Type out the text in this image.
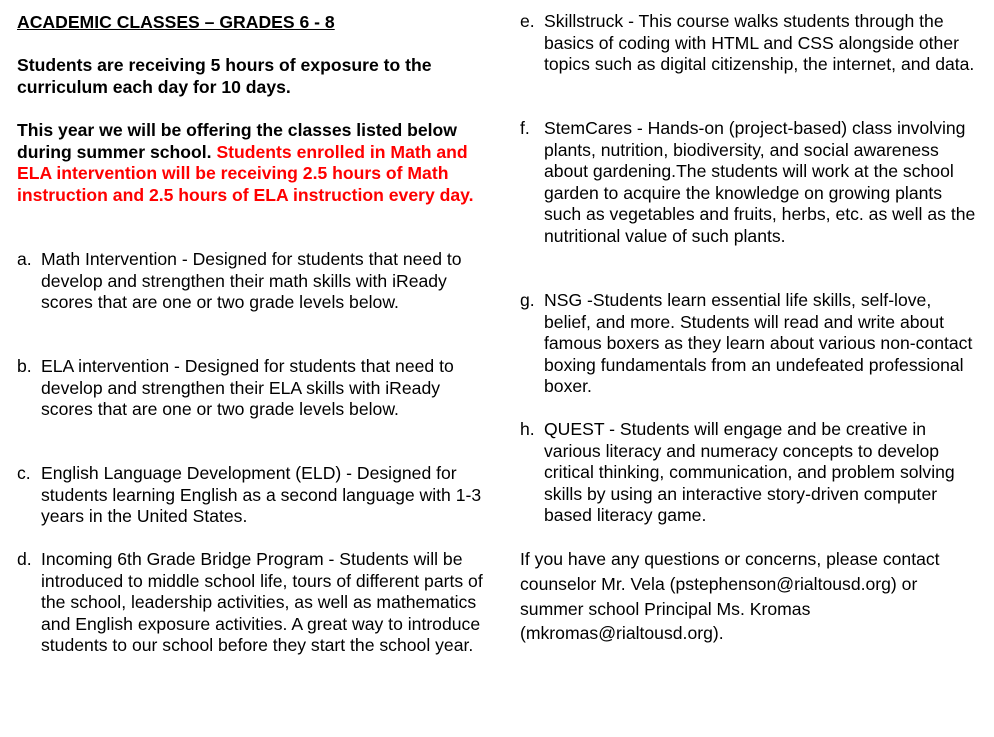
ACADEMIC CLASSES – GRADES 6 - 8

Students are receiving 5 hours of exposure to the curriculum each day for 10 days.

This year we will be offering the classes listed below during summer school. Students enrolled in Math and ELA intervention will be receiving 2.5 hours of Math instruction and 2.5 hours of ELA instruction every day.

a. Math Intervention - Designed for students that need to develop and strengthen their math skills with iReady scores that are one or two grade levels below.
b. ELA intervention - Designed for students that need to develop and strengthen their ELA skills with iReady scores that are one or two grade levels below.
c. English Language Development (ELD) - Designed for students learning English as a second language with 1-3 years in the United States.
d. Incoming 6th Grade Bridge Program - Students will be introduced to middle school life, tours of different parts of the school, leadership activities, as well as mathematics and English exposure activities. A great way to introduce students to our school before they start the school year.
e. Skillstruck - This course walks students through the basics of coding with HTML and CSS alongside other topics such as digital citizenship, the internet, and data.
f. StemCares - Hands-on (project-based) class involving plants, nutrition, biodiversity, and social awareness about gardening.The students will work at the school garden to acquire the knowledge on growing plants such as vegetables and fruits, herbs, etc. as well as the nutritional value of such plants.
g. NSG -Students learn essential life skills, self-love, belief, and more. Students will read and write about famous boxers as they learn about various non-contact boxing fundamentals from an undefeated professional boxer.
h. QUEST - Students will engage and be creative in various literacy and numeracy concepts to develop critical thinking, communication, and problem solving skills by using an interactive story-driven computer based literacy game.

If you have any questions or concerns, please contact counselor Mr. Vela (pstephenson@rialtousd.org) or summer school Principal Ms. Kromas (mkromas@rialtousd.org).
